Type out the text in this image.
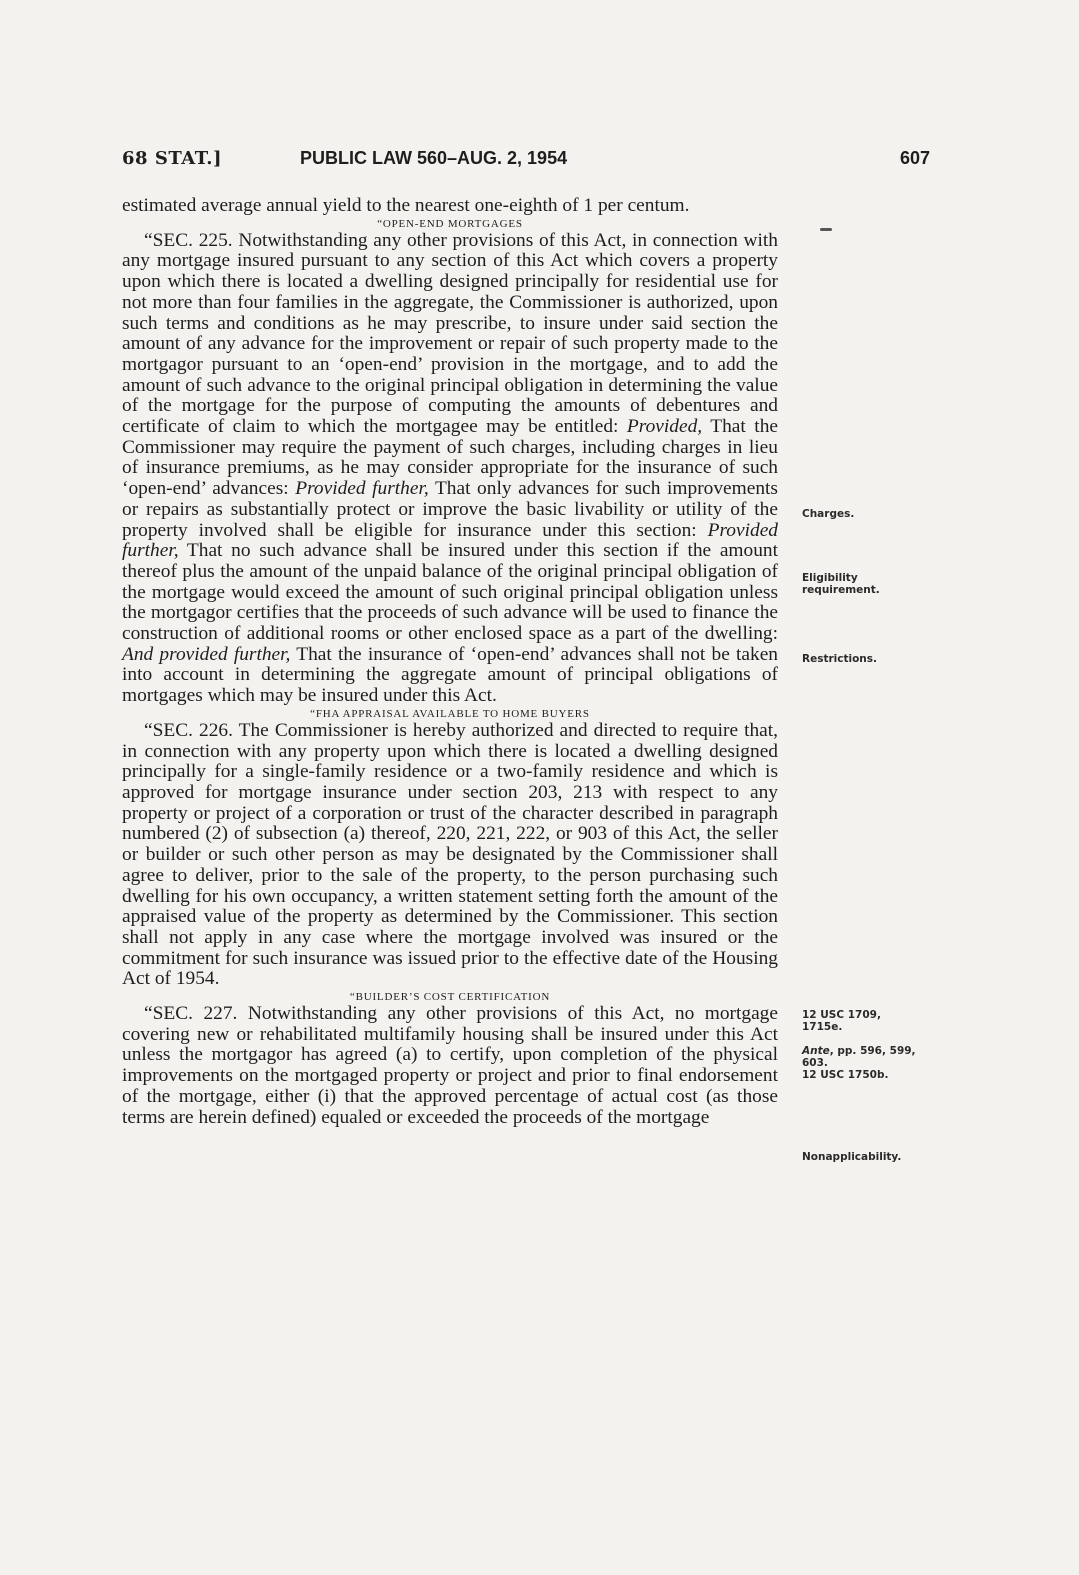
68 STAT.]	PUBLIC LAW 560–AUG. 2, 1954	607

estimated average annual yield to the nearest one-eighth of 1 per centum.

“OPEN-END MORTGAGES

“SEC. 225. Notwithstanding any other provisions of this Act, in connection with any mortgage insured pursuant to any section of this Act which covers a property upon which there is located a dwelling designed principally for residential use for not more than four families in the aggregate, the Commissioner is authorized, upon such terms and conditions as he may prescribe, to insure under said section the amount of any advance for the improvement or repair of such property made to the mortgagor pursuant to an ‘open-end’ provision in the mortgage, and to add the amount of such advance to the original principal obligation in determining the value of the mortgage for the purpose of computing the amounts of debentures and certificate of claim to which the mortgagee may be entitled: Provided, That the Commissioner may require the payment of such charges, including charges in lieu of insurance premiums, as he may consider appropriate for the insurance of such ‘open-end’ advances: Provided further, That only advances for such improvements or repairs as substantially protect or improve the basic livability or utility of the property involved shall be eligible for insurance under this section: Provided further, That no such advance shall be insured under this section if the amount thereof plus the amount of the unpaid balance of the original principal obligation of the mortgage would exceed the amount of such original principal obligation unless the mortgagor certifies that the proceeds of such advance will be used to finance the construction of additional rooms or other enclosed space as a part of the dwelling: And provided further, That the insurance of ‘open-end’ advances shall not be taken into account in determining the aggregate amount of principal obligations of mortgages which may be insured under this Act.

“FHA APPRAISAL AVAILABLE TO HOME BUYERS

“SEC. 226. The Commissioner is hereby authorized and directed to require that, in connection with any property upon which there is located a dwelling designed principally for a single-family residence or a two-family residence and which is approved for mortgage insurance under section 203, 213 with respect to any property or project of a corporation or trust of the character described in paragraph numbered (2) of subsection (a) thereof, 220, 221, 222, or 903 of this Act, the seller or builder or such other person as may be designated by the Commissioner shall agree to deliver, prior to the sale of the property, to the person purchasing such dwelling for his own occupancy, a written statement setting forth the amount of the appraised value of the property as determined by the Commissioner. This section shall not apply in any case where the mortgage involved was insured or the commitment for such insurance was issued prior to the effective date of the Housing Act of 1954.

“BUILDER’S COST CERTIFICATION

“SEC. 227. Notwithstanding any other provisions of this Act, no mortgage covering new or rehabilitated multifamily housing shall be insured under this Act unless the mortgagor has agreed (a) to certify, upon completion of the physical improvements on the mortgaged property or project and prior to final endorsement of the mortgage, either (i) that the approved percentage of actual cost (as those terms are herein defined) equaled or exceeded the proceeds of the mortgage

Charges.
Eligibility requirement.
Restrictions.
12 USC 1709, 1715e.
Ante, pp. 596, 599, 603.
12 USC 1750b.
Nonapplicability.
